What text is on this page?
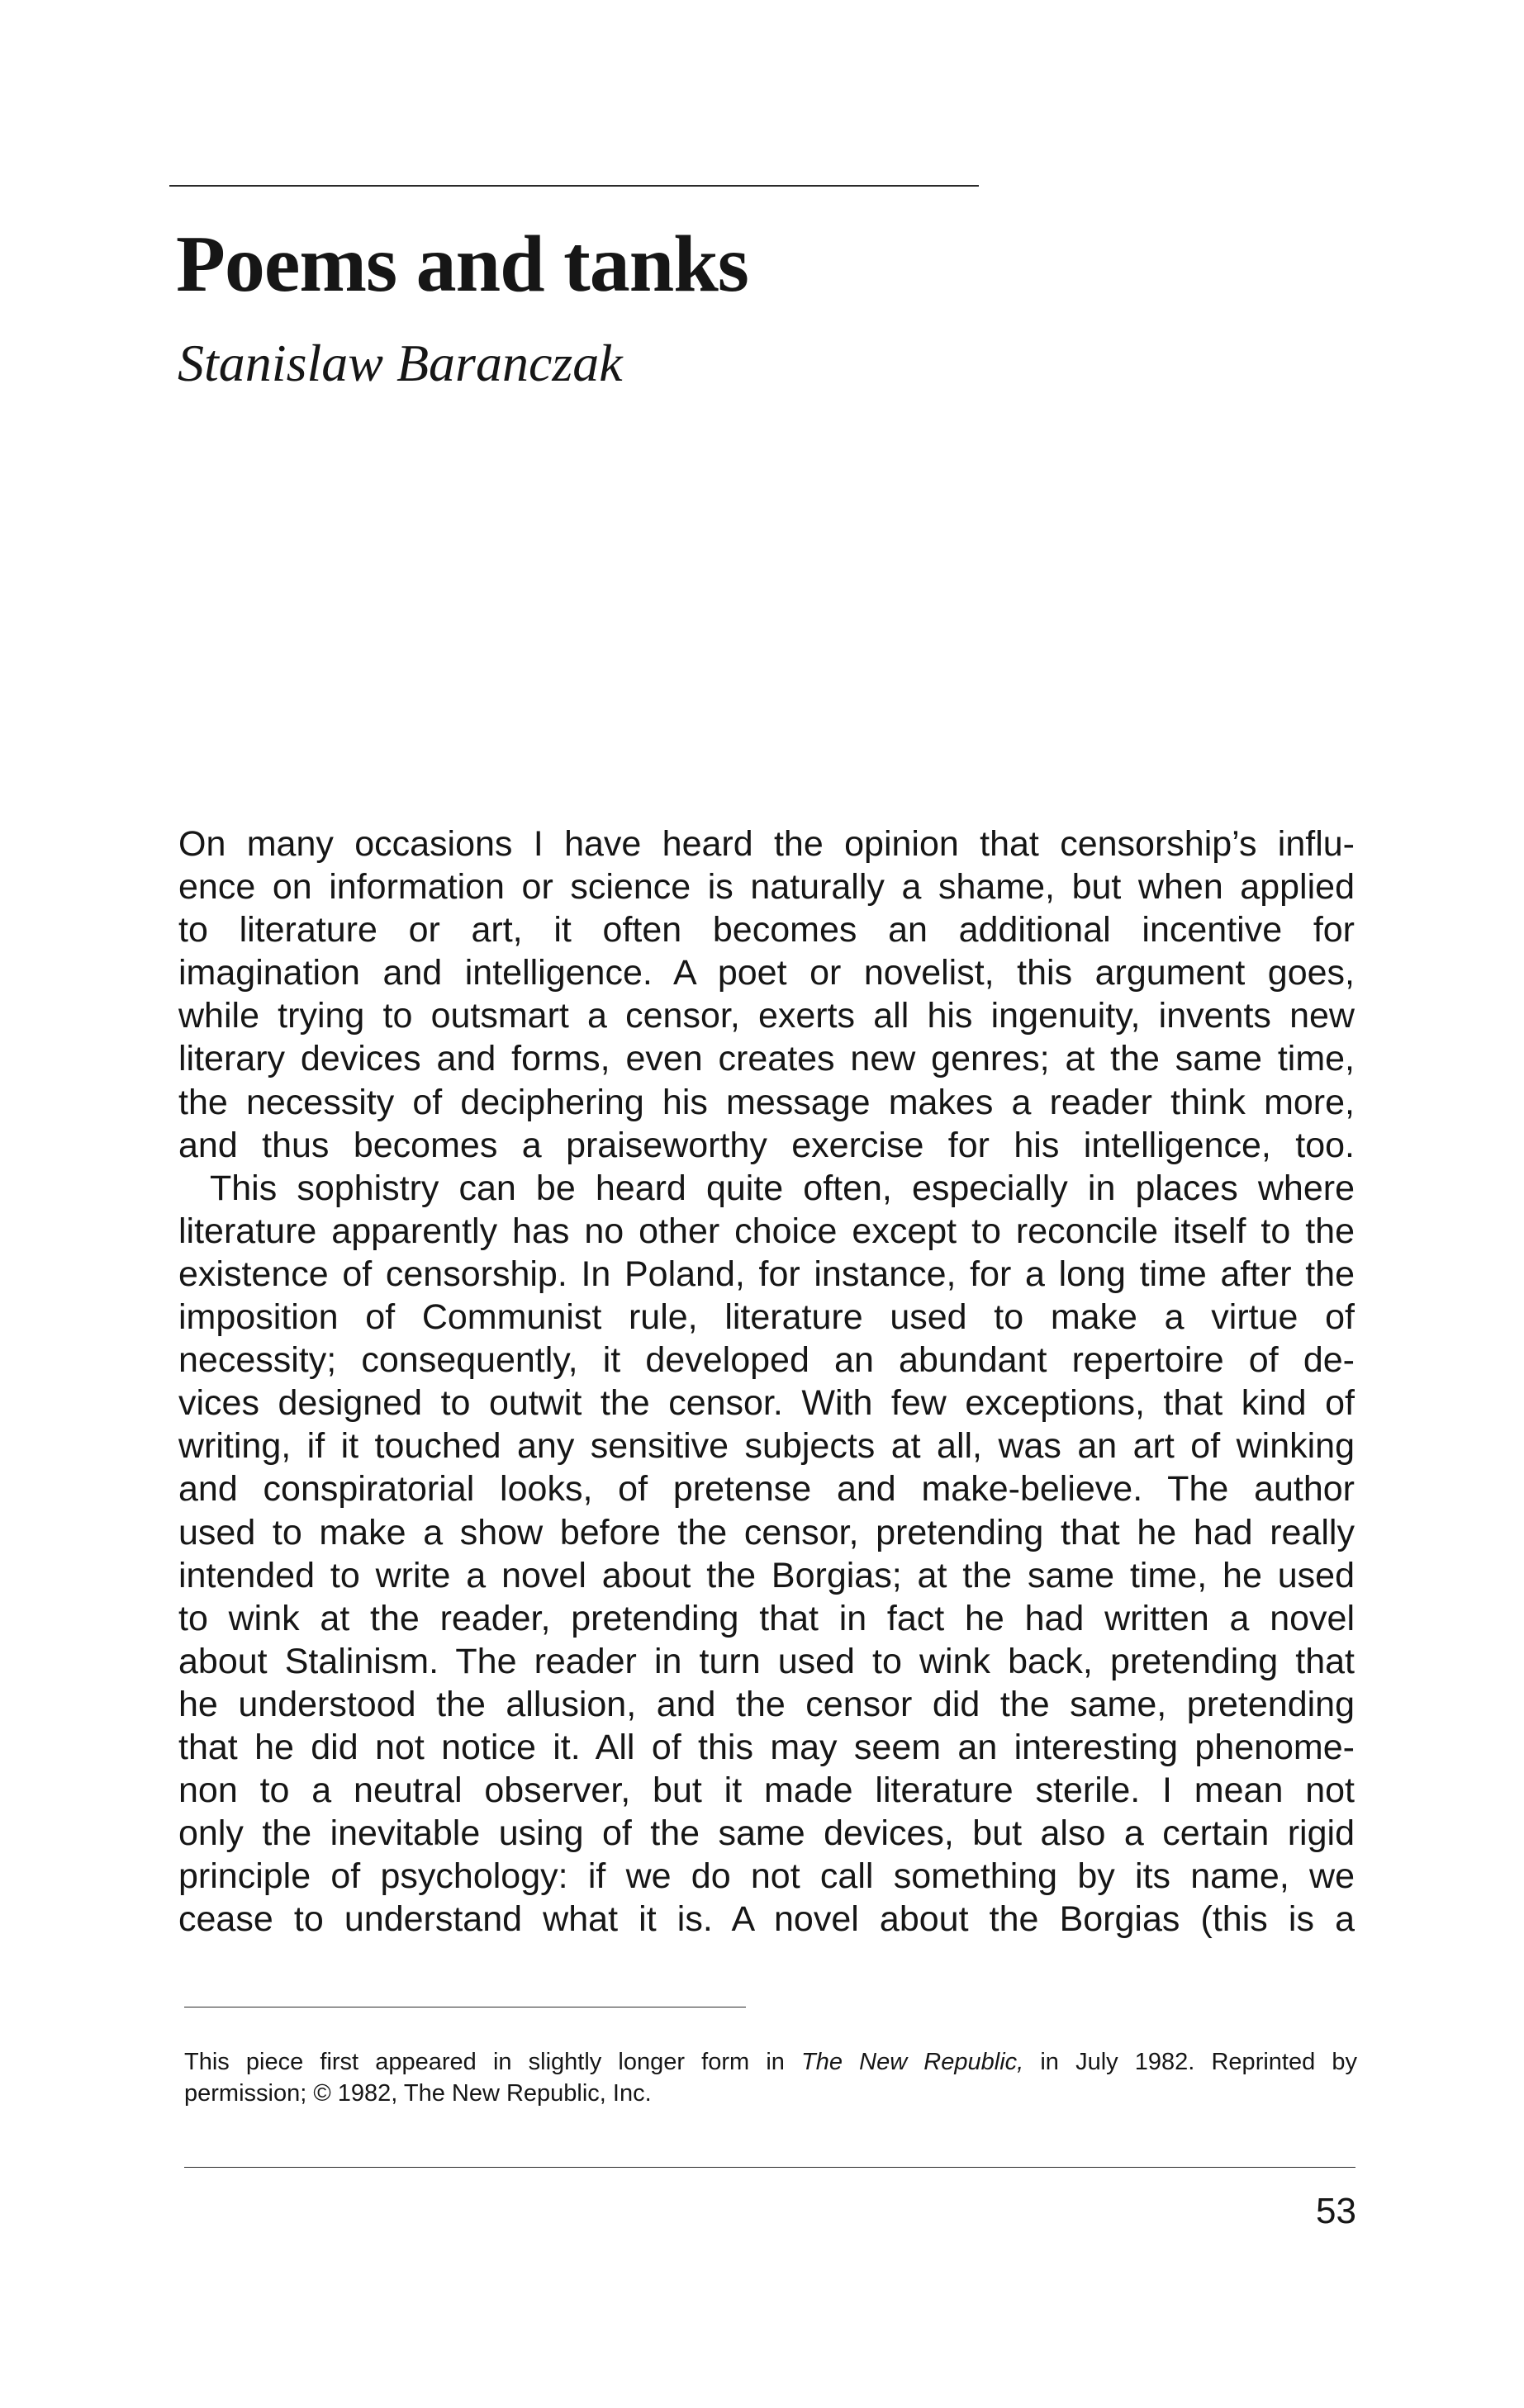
Poems and tanks

Stanislaw Baranczak

On many occasions I have heard the opinion that censorship’s influ-
ence on information or science is naturally a shame, but when applied
to literature or art, it often becomes an additional incentive for
imagination and intelligence. A poet or novelist, this argument goes,
while trying to outsmart a censor, exerts all his ingenuity, invents new
literary devices and forms, even creates new genres; at the same time,
the necessity of deciphering his message makes a reader think more,
and thus becomes a praiseworthy exercise for his intelligence, too.
This sophistry can be heard quite often, especially in places where
literature apparently has no other choice except to reconcile itself to the
existence of censorship. In Poland, for instance, for a long time after the
imposition of Communist rule, literature used to make a virtue of
necessity; consequently, it developed an abundant repertoire of de-
vices designed to outwit the censor. With few exceptions, that kind of
writing, if it touched any sensitive subjects at all, was an art of winking
and conspiratorial looks, of pretense and make-believe. The author
used to make a show before the censor, pretending that he had really
intended to write a novel about the Borgias; at the same time, he used
to wink at the reader, pretending that in fact he had written a novel
about Stalinism. The reader in turn used to wink back, pretending that
he understood the allusion, and the censor did the same, pretending
that he did not notice it. All of this may seem an interesting phenome-
non to a neutral observer, but it made literature sterile. I mean not
only the inevitable using of the same devices, but also a certain rigid
principle of psychology: if we do not call something by its name, we
cease to understand what it is. A novel about the Borgias (this is a
This piece first appeared in slightly longer form in The New Republic, in July 1982. Reprinted by
permission; © 1982, The New Republic, Inc.

53
